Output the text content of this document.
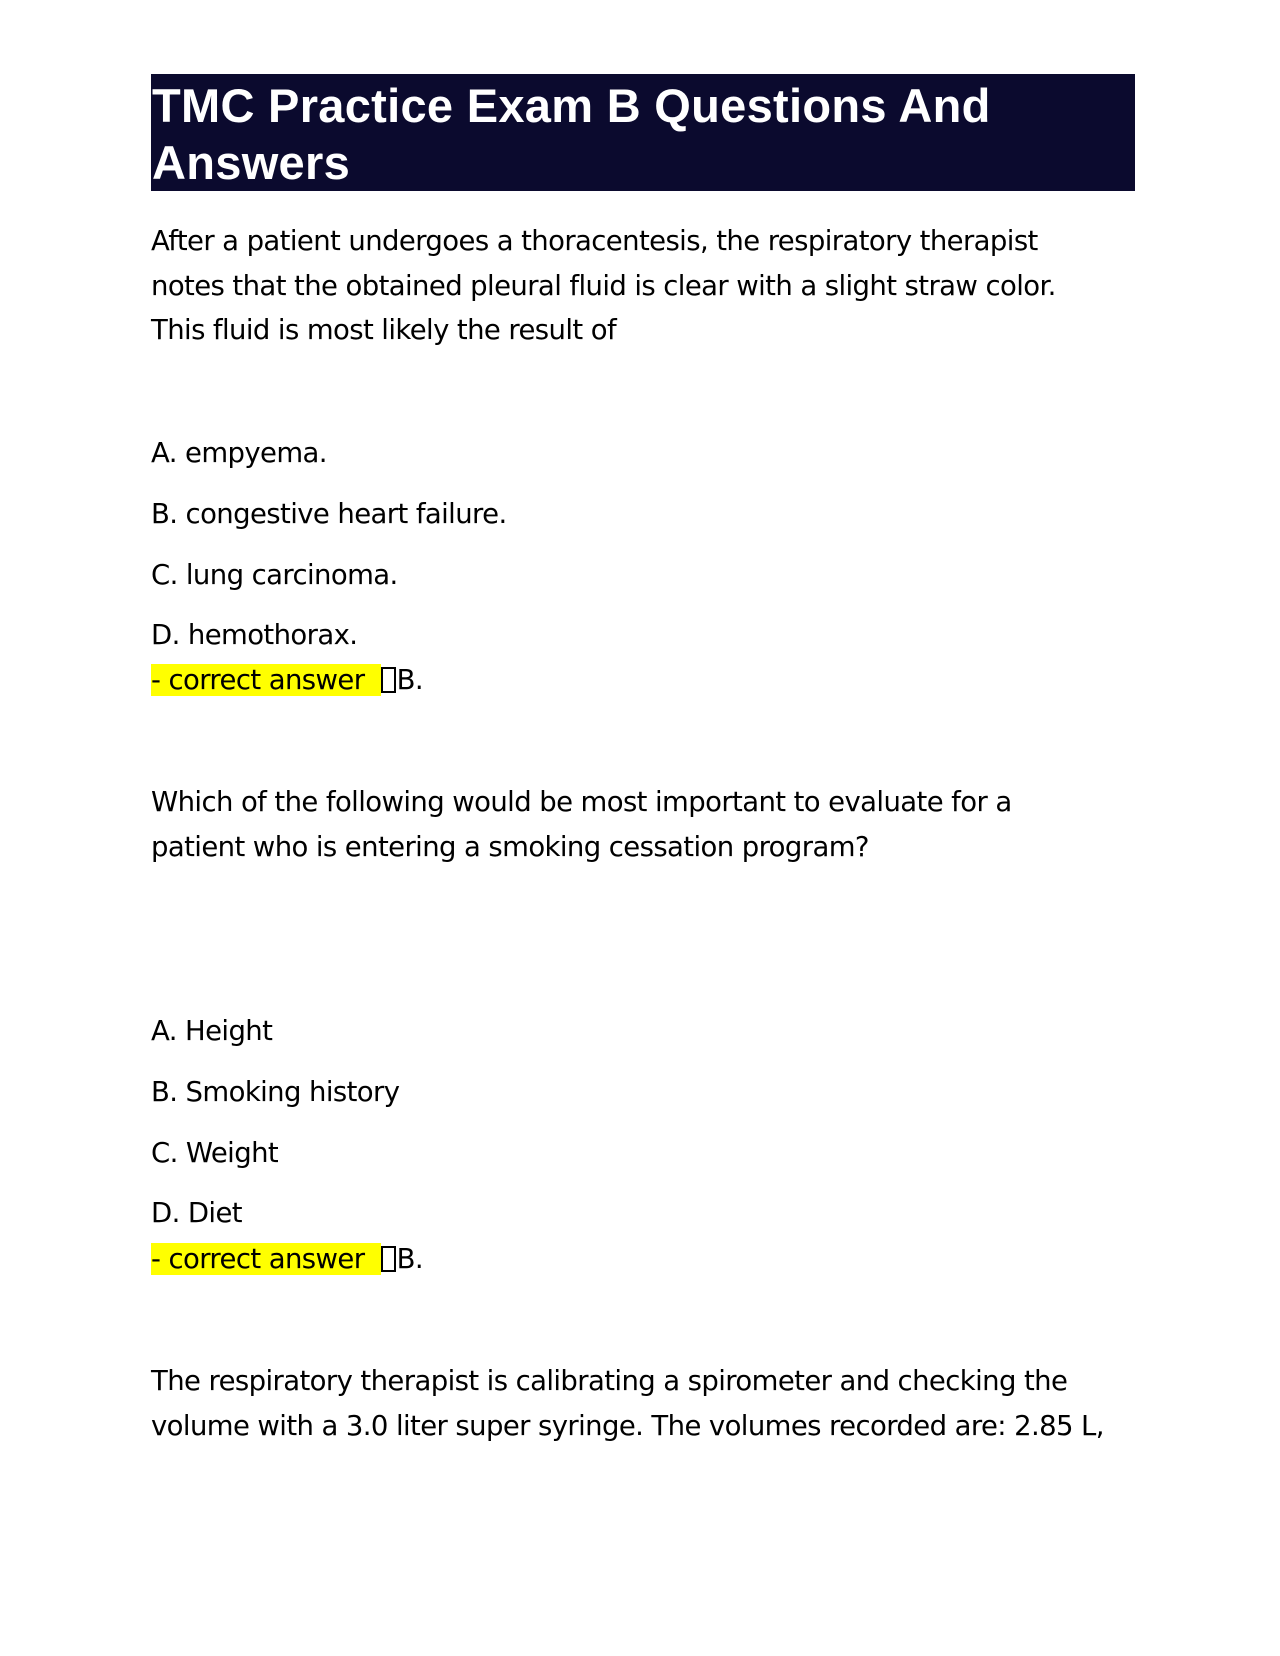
TMC Practice Exam B Questions And Answers
After a patient undergoes a thoracentesis, the respiratory therapist
notes that the obtained pleural fluid is clear with a slight straw color.
This fluid is most likely the result of
A. empyema.
B. congestive heart failure.
C. lung carcinoma.
D. hemothorax.
- correct answer B.
Which of the following would be most important to evaluate for a
patient who is entering a smoking cessation program?
A. Height
B. Smoking history
C. Weight
D. Diet
- correct answer B.
The respiratory therapist is calibrating a spirometer and checking the
volume with a 3.0 liter super syringe. The volumes recorded are: 2.85 L,
